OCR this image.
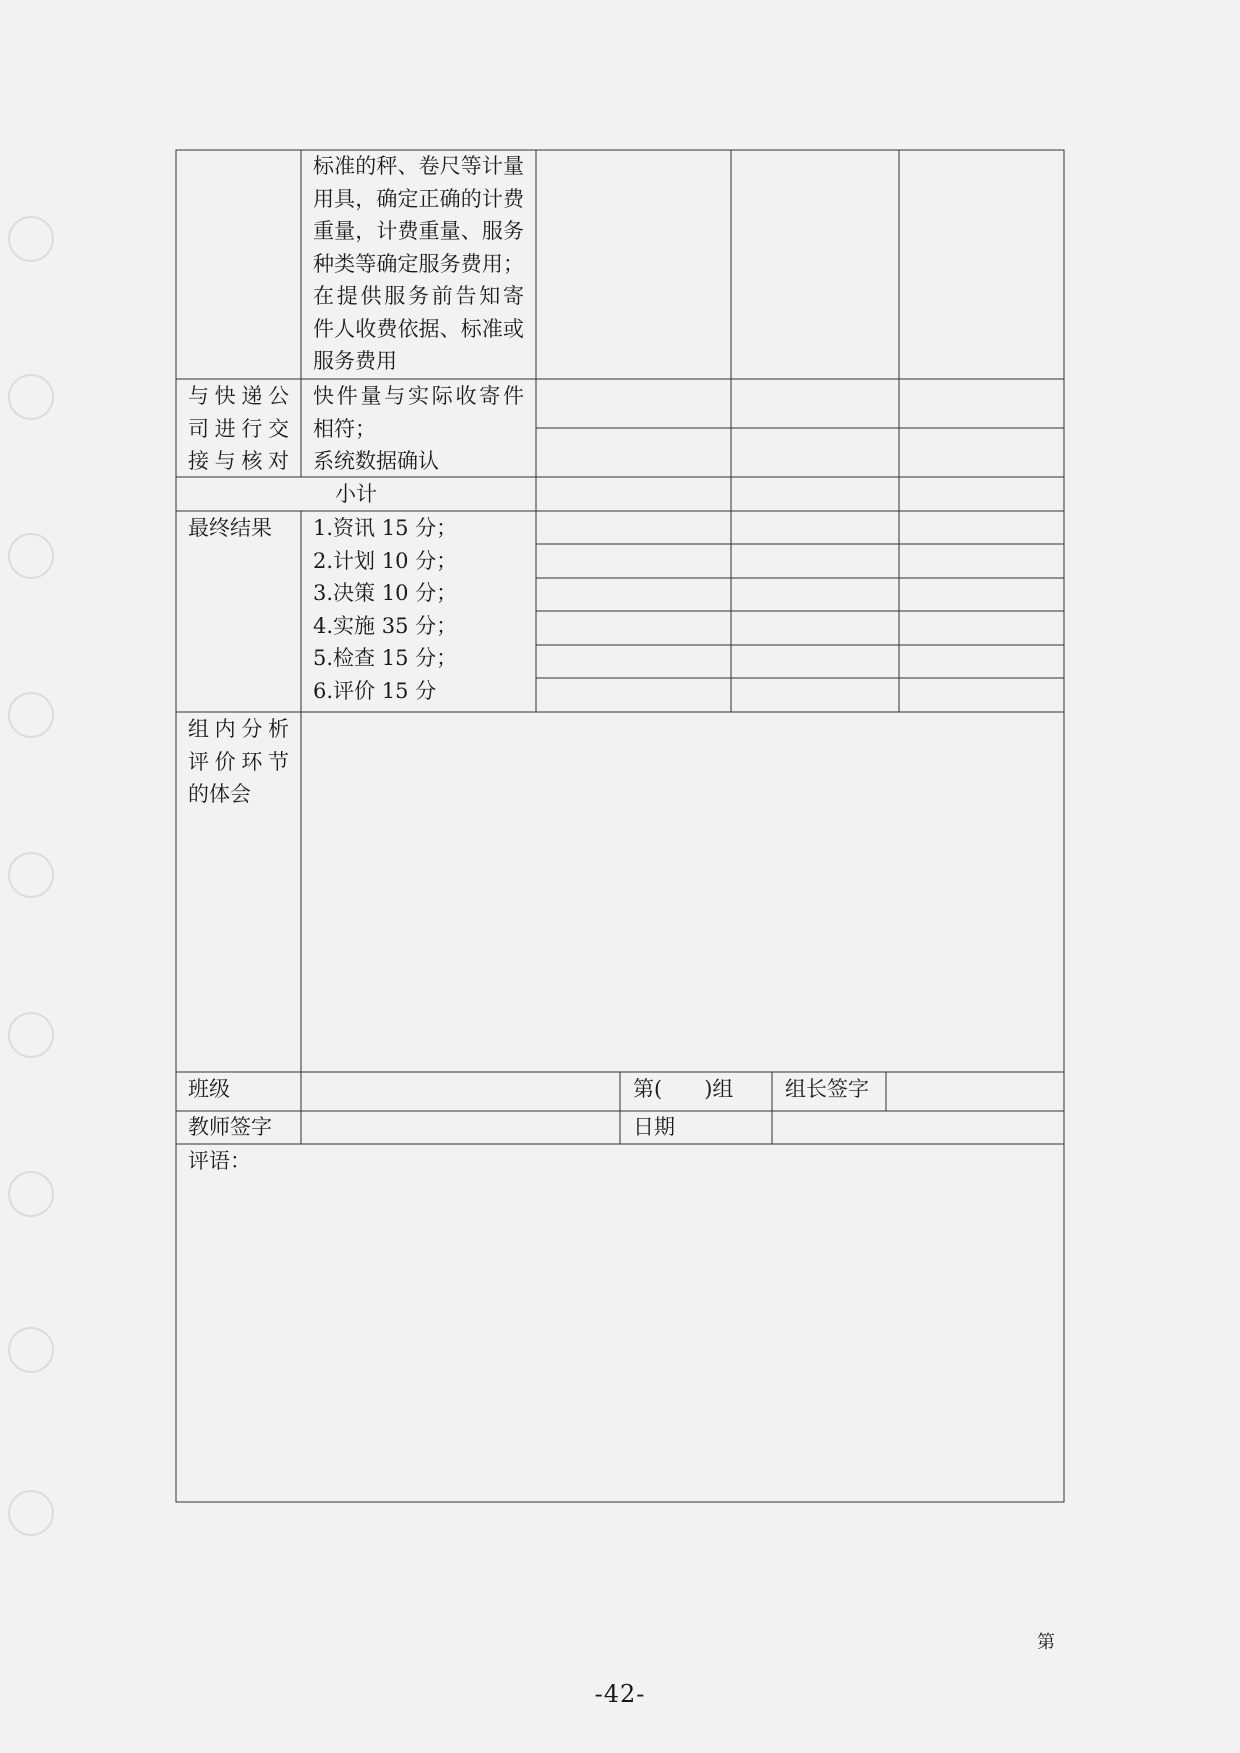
标准的秤、卷尺等计量
用具，确定正确的计费
重量，计费重量、服务
种类等确定服务费用；
在提供服务前告知寄
件人收费依据、标准或
服务费用
与快递公
司进行交
接与核对
快件量与实际收寄件
相符；
系统数据确认
小计
最终结果 1.资讯 15 分；
2.计划 10 分；
3.决策 10 分；
4.实施 35 分；
5.检查 15 分；
6.评价 15 分
组内分析
评价环节
的体会
班级	第(　　)组 组长签字
教师签字	日期
评语：
第
-42-
